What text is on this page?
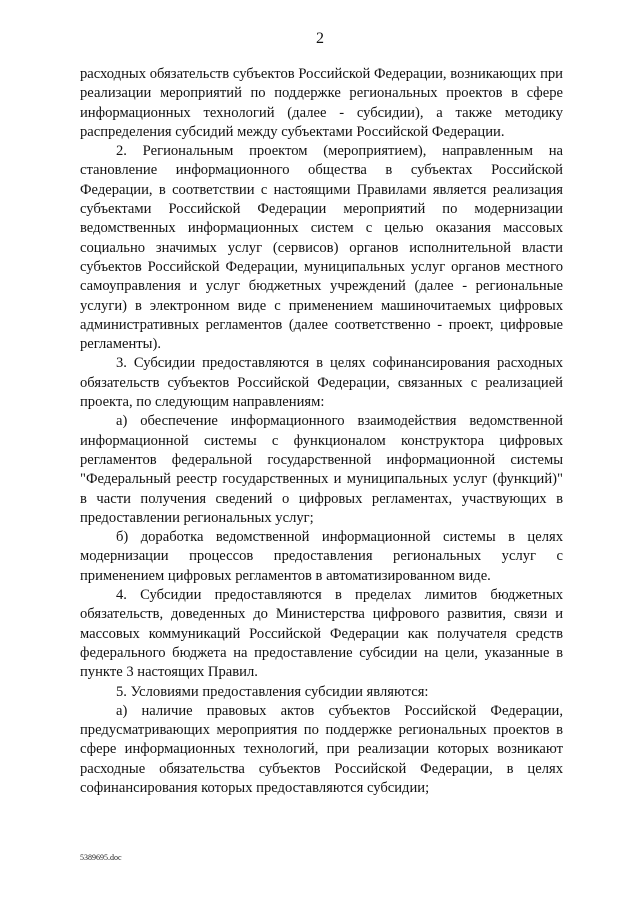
2

расходных обязательств субъектов Российской Федерации, возникающих при реализации мероприятий по поддержке региональных проектов в сфере информационных технологий (далее - субсидии), а также методику распределения субсидий между субъектами Российской Федерации.

2. Региональным проектом (мероприятием), направленным на становление информационного общества в субъектах Российской Федерации, в соответствии с настоящими Правилами является реализация субъектами Российской Федерации мероприятий по модернизации ведомственных информационных систем с целью оказания массовых социально значимых услуг (сервисов) органов исполнительной власти субъектов Российской Федерации, муниципальных услуг органов местного самоуправления и услуг бюджетных учреждений (далее - региональные услуги) в электронном виде с применением машиночитаемых цифровых административных регламентов (далее соответственно - проект, цифровые регламенты).

3. Субсидии предоставляются в целях софинансирования расходных обязательств субъектов Российской Федерации, связанных с реализацией проекта, по следующим направлениям:

а) обеспечение информационного взаимодействия ведомственной информационной системы с функционалом конструктора цифровых регламентов федеральной государственной информационной системы "Федеральный реестр государственных и муниципальных услуг (функций)" в части получения сведений о цифровых регламентах, участвующих в предоставлении региональных услуг;

б) доработка ведомственной информационной системы в целях модернизации процессов предоставления региональных услуг с применением цифровых регламентов в автоматизированном виде.

4. Субсидии предоставляются в пределах лимитов бюджетных обязательств, доведенных до Министерства цифрового развития, связи и массовых коммуникаций Российской Федерации как получателя средств федерального бюджета на предоставление субсидии на цели, указанные в пункте 3 настоящих Правил.

5. Условиями предоставления субсидии являются:

а) наличие правовых актов субъектов Российской Федерации, предусматривающих мероприятия по поддержке региональных проектов в сфере информационных технологий, при реализации которых возникают расходные обязательства субъектов Российской Федерации, в целях софинансирования которых предоставляются субсидии;

5389695.doc
